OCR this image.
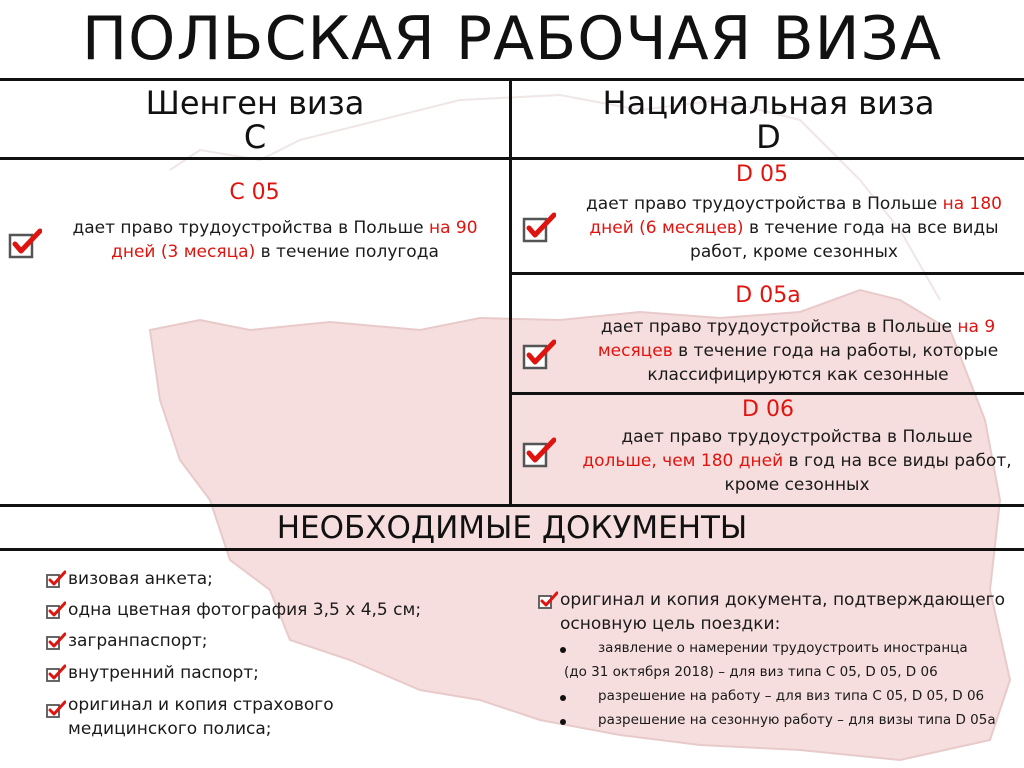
ПОЛЬСКАЯ РАБОЧАЯ ВИЗА
Шенген виза
C
Национальная виза
D
C 05
дает право трудоустройства в Польше на 90 дней (3 месяца) в течение полугода
D 05
дает право трудоустройства в Польше на 180 дней (6 месяцев) в течение года на все виды работ, кроме сезонных
D 05a
дает право трудоустройства в Польше на 9 месяцев в течение года на работы, которые классифицируются как сезонные
D 06
дает право трудоустройства в Польше дольше, чем 180 дней в год на все виды работ, кроме сезонных
НЕОБХОДИМЫЕ ДОКУМЕНТЫ
визовая анкета;
одна цветная фотография 3,5 х 4,5 см;
загранпаспорт;
внутренний паспорт;
оригинал и копия страхового медицинского полиса;
оригинал и копия документа, подтверждающего основную цель поездки:
заявление о намерении трудоустроить иностранца
(до 31 октября 2018) – для виз типа C 05, D 05, D 06
разрешение на работу – для виз типа C 05, D 05, D 06
разрешение на сезонную работу – для визы типа D 05a
